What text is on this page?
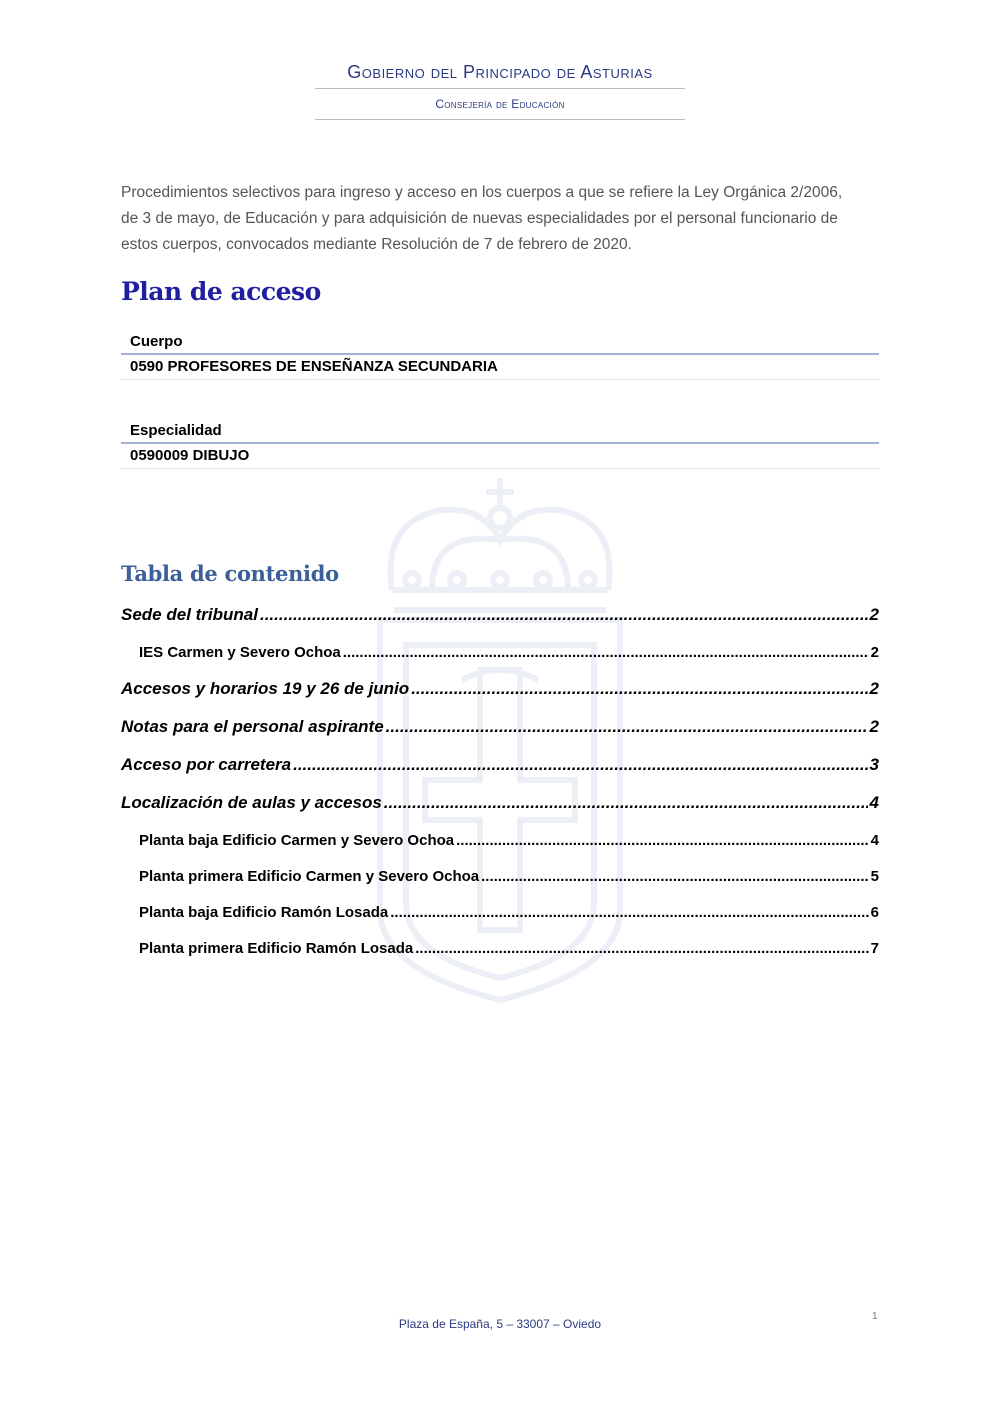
Gobierno del Principado de Asturias
Consejería de Educación
Procedimientos selectivos para ingreso y acceso en los cuerpos a que se refiere la Ley Orgánica 2/2006, de 3 de mayo, de Educación y para adquisición de nuevas especialidades por el personal funcionario de estos cuerpos, convocados mediante Resolución de 7 de febrero de 2020.
Plan de acceso
Cuerpo
0590 PROFESORES DE ENSEÑANZA SECUNDARIA
Especialidad
0590009 DIBUJO
Tabla de contenido
Sede del tribunal .....	2
IES Carmen y Severo Ochoa .....	2
Accesos y horarios 19 y 26 de junio .....	2
Notas para el personal aspirante .....	2
Acceso por carretera .....	3
Localización de aulas y accesos .....	4
Planta baja Edificio Carmen y Severo Ochoa .....	4
Planta primera Edificio Carmen y Severo Ochoa .....	5
Planta baja Edificio Ramón Losada .....	6
Planta primera Edificio Ramón Losada .....	7
1
Plaza de España, 5 – 33007 – Oviedo
